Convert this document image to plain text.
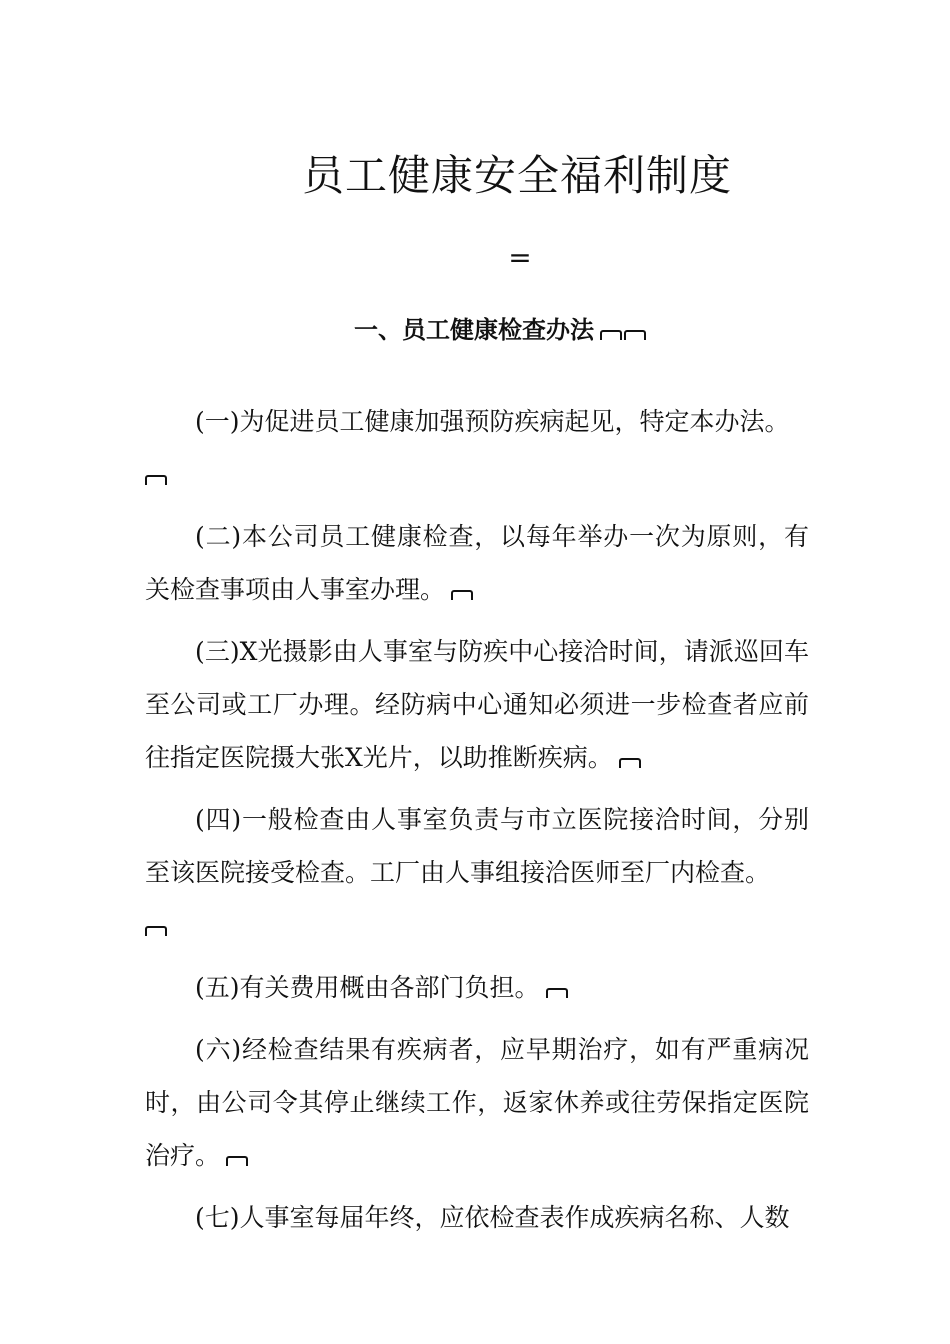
员工健康安全福利制度
=
一、员工健康检查办法

(一)为促进员工健康加强预防疾病起见，特定本办法。

(二)本公司员工健康检查，以每年举办一次为原则，有关检查事项由人事室办理。

(三)X光摄影由人事室与防疾中心接洽时间，请派巡回车至公司或工厂办理。经防病中心通知必须进一步检查者应前往指定医院摄大张X光片，以助推断疾病。

(四)一般检查由人事室负责与市立医院接洽时间，分别至该医院接受检查。工厂由人事组接洽医师至厂内检查。

(五)有关费用概由各部门负担。

(六)经检查结果有疾病者，应早期治疗，如有严重病况时，由公司令其停止继续工作，返家休养或往劳保指定医院治疗。

(七)人事室每届年终，应依检查表作成疾病名称、人数
